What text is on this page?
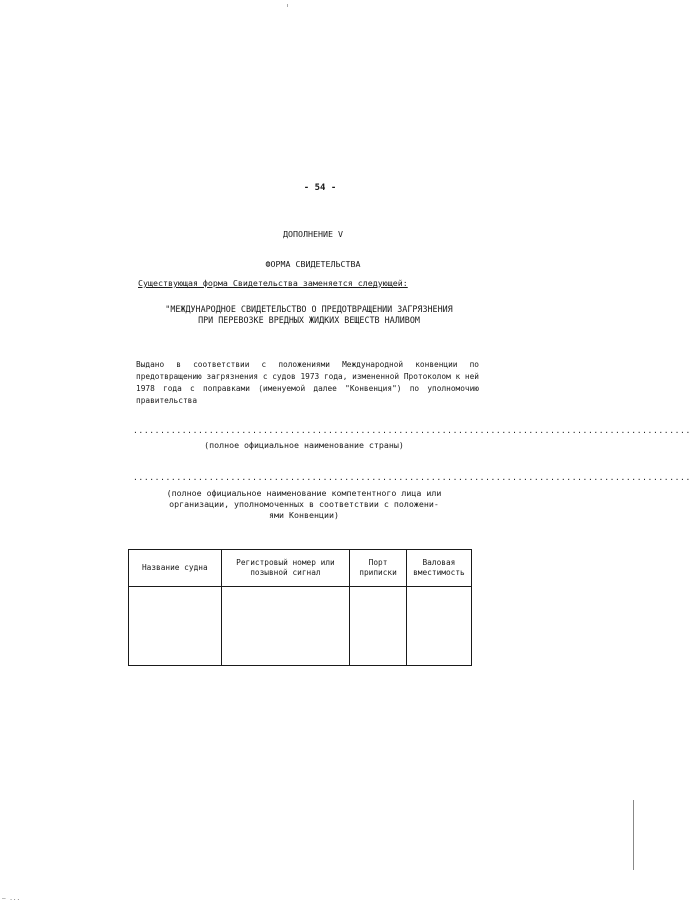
- 54 -
ДОПОЛНЕНИЕ V
ФОРМА СВИДЕТЕЛЬСТВА
Существующая форма Свидетельства заменяется следующей:
"МЕЖДУНАРОДНОЕ СВИДЕТЕЛЬСТВО О ПРЕДОТВРАЩЕНИИ ЗАГРЯЗНЕНИЯ
ПРИ ПЕРЕВОЗКЕ ВРЕДНЫХ ЖИДКИХ ВЕЩЕСТВ НАЛИВОМ
Выдано в соответствии с положениями Международной конвенции по предотвращению загрязнения с судов 1973 года, измененной Протоколом к ней 1978 года с поправками (именуемой далее "Конвенция") по уполномочию правительства
.......................................................................................................
(полное официальное наименование страны)
.......................................................................................................
(полное официальное наименование компетентного лица или
организации, уполномоченных в соответствии с положени-
ями Конвенции)
Название судна	Регистровый номер или позывной сигнал	Порт приписки	Валовая вместимость

— ...
